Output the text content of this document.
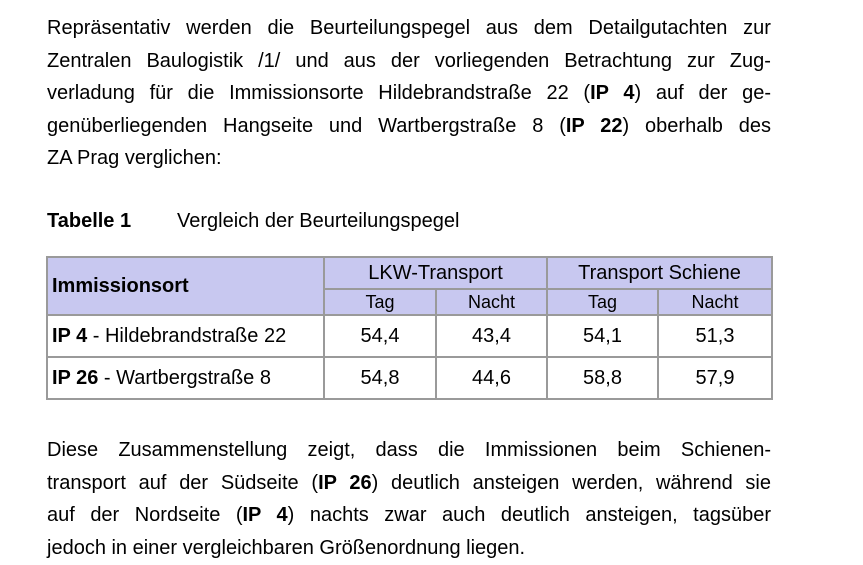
Repräsentativ werden die Beurteilungspegel aus dem Detailgutachten zur
Zentralen Baulogistik /1/ und aus der vorliegenden Betrachtung zur Zug-
verladung für die Immissionsorte Hildebrandstraße 22 (IP 4) auf der ge-
genüberliegenden Hangseite und Wartbergstraße 8 (IP 22) oberhalb des
ZA Prag verglichen:
Tabelle 1 Vergleich der Beurteilungspegel
Immissionsort	LKW-Transport		Transport Schiene	
	Tag	Nacht	Tag	Nacht
IP 4 - Hildebrandstraße 22	54,4	43,4	54,1	51,3
IP 26 - Wartbergstraße 8	54,8	44,6	58,8	57,9
Diese Zusammenstellung zeigt, dass die Immissionen beim Schienen-
transport auf der Südseite (IP 26) deutlich ansteigen werden, während sie
auf der Nordseite (IP 4) nachts zwar auch deutlich ansteigen, tagsüber
jedoch in einer vergleichbaren Größenordnung liegen.
